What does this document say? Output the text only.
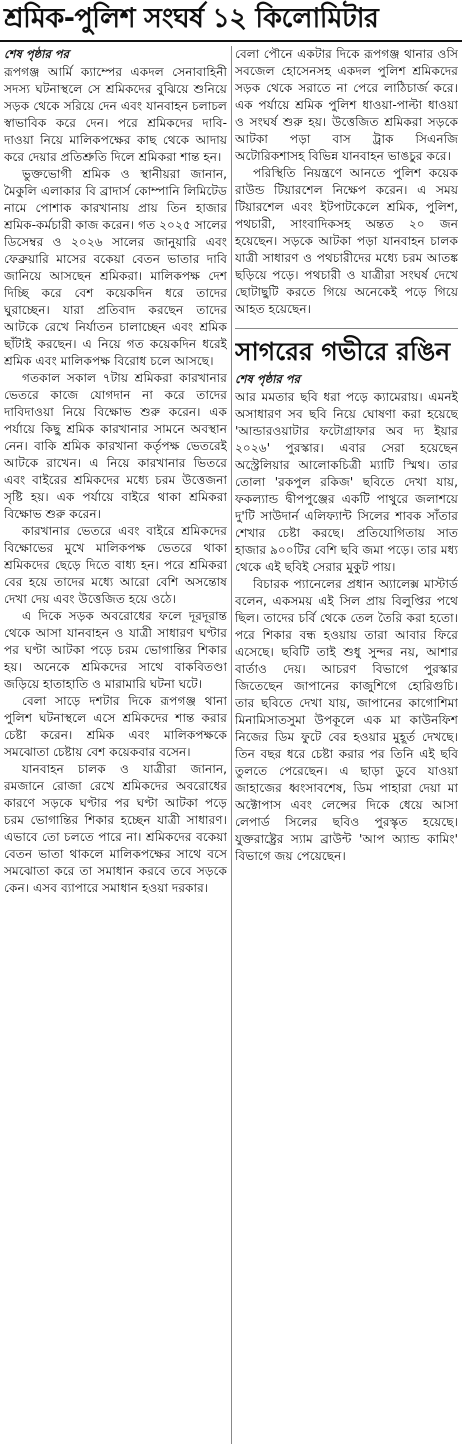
শ্রমিক-পুলিশ সংঘর্ষ ১২ কিলোমিটার
শেষ পৃষ্ঠার পর

রূপগঞ্জ আর্মি ক্যাম্পের একদল সেনাবাহিনী সদস্য ঘটনাস্থলে সে শ্রমিকদের বুঝিয়ে শুনিয়ে সড়ক থেকে সরিয়ে দেন এবং যানবাহন চলাচল স্বাভাবিক করে দেন। পরে শ্রমিকদের দাবি-দাওয়া নিয়ে মালিকপক্ষের কাছ থেকে আদায় করে দেয়ার প্রতিশ্রুতি দিলে শ্রমিকরা শান্ত হন।

ভুক্তভোগী শ্রমিক ও স্থানীয়রা জানান, মৈকুলি এলাকার বি ব্রাদার্স কোম্পানি লিমিটেড নামে পোশাক কারখানায় প্রায় তিন হাজার শ্রমিক-কর্মচারী কাজ করেন। গত ২০২৫ সালের ডিসেম্বর ও ২০২৬ সালের জানুয়ারি এবং ফেব্রুয়ারি মাসের বকেয়া বেতন ভাতার দাবি জানিয়ে আসছেন শ্রমিকরা। মালিকপক্ষ দেশ দিচ্ছি করে বেশ কয়েকদিন ধরে তাদের ঘুরাচ্ছেন। যারা প্রতিবাদ করছেন তাদের আটকে রেখে নির্যাতন চালাচ্ছেন এবং শ্রমিক ছাঁটাই করছেন। এ নিয়ে গত কয়েকদিন ধরেই শ্রমিক এবং মালিকপক্ষ বিরোধ চলে আসছে।

গতকাল সকাল ৭টায় শ্রমিকরা কারখানার ভেতরে কাজে যোগদান না করে তাদের দাবিদাওয়া নিয়ে বিক্ষোভ শুরু করেন। এক পর্যায়ে কিছু শ্রমিক কারখানার সামনে অবস্থান নেন। বাকি শ্রমিক কারখানা কর্তৃপক্ষ ভেতরেই আটকে রাখেন। এ নিয়ে কারখানার ভিতরে এবং বাইরের শ্রমিকদের মধ্যে চরম উত্তেজনা সৃষ্টি হয়। এক পর্যায়ে বাইরে থাকা শ্রমিকরা বিক্ষোভ শুরু করেন।

কারখানার ভেতরে এবং বাইরে শ্রমিকদের বিক্ষোভের মুখে মালিকপক্ষ ভেতরে থাকা শ্রমিকদের ছেড়ে দিতে বাধ্য হন। পরে শ্রমিকরা বের হয়ে তাদের মধ্যে আরো বেশি অসন্তোষ দেখা দেয় এবং উত্তেজিত হয়ে ওঠে।

এ দিকে সড়ক অবরোধের ফলে দূরদূরান্ত থেকে আসা যানবাহন ও যাত্রী সাধারণ ঘণ্টার পর ঘণ্টা আটকা পড়ে চরম ভোগান্তির শিকার হয়। অনেকে শ্রমিকদের সাথে বাকবিতণ্ডা জড়িয়ে হাতাহাতি ও মারামারি ঘটনা ঘটে।

বেলা সাড়ে দশটার দিকে রূপগঞ্জ থানা পুলিশ ঘটনাস্থলে এসে শ্রমিকদের শান্ত করার চেষ্টা করেন। শ্রমিক এবং মালিকপক্ষকে সমঝোতা চেষ্টায় বেশ কয়েকবার বসেন।

যানবাহন চালক ও যাত্রীরা জানান, রমজানে রোজা রেখে শ্রমিকদের অবরোধের কারণে সড়কে ঘণ্টার পর ঘণ্টা আটকা পড়ে চরম ভোগান্তির শিকার হচ্ছেন যাত্রী সাধারণ। এভাবে তো চলতে পারে না। শ্রমিকদের বকেয়া বেতন ভাতা থাকলে মালিকপক্ষের সাথে বসে সমঝোতা করে তা সমাধান করবে তবে সড়কে কেন। এসব ব্যাপারে সমাধান হওয়া দরকার।

বেলা পৌনে একটার দিকে রূপগঞ্জ থানার ওসি সবজেল হোসেনসহ একদল পুলিশ শ্রমিকদের সড়ক থেকে সরাতে না পেরে লাঠিচার্জ করে। এক পর্যায়ে শ্রমিক পুলিশ ধাওয়া-পাল্টা ধাওয়া ও সংঘর্ষ শুরু হয়। উত্তেজিত শ্রমিকরা সড়কে আটকা পড়া বাস ট্রাক সিএনজি অটোরিকশাসহ বিভিন্ন যানবাহন ভাঙচুর করে।

পরিস্থিতি নিয়ন্ত্রণে আনতে পুলিশ কয়েক রাউন্ড টিয়ারশেল নিক্ষেপ করেন। এ সময় টিয়ারশেল এবং ইটপাটকেলে শ্রমিক, পুলিশ, পথচারী, সাংবাদিকসহ অন্তত ২০ জন হয়েছেন। সড়কে আটকা পড়া যানবাহন চালক যাত্রী সাধারণ ও পথচারীদের মধ্যে চরম আতঙ্ক ছড়িয়ে পড়ে। পথচারী ও যাত্রীরা সংঘর্ষ দেখে ছোটাছুটি করতে গিয়ে অনেকেই পড়ে গিয়ে আহত হয়েছেন।

সাগরের গভীরে রঙিন
শেষ পৃষ্ঠার পর

আর মমতার ছবি ধরা পড়ে ক্যামেরায়। এমনই অসাধারণ সব ছবি নিয়ে ঘোষণা করা হয়েছে 'আন্ডারওয়াটার ফটোগ্রাফার অব দ্য ইয়ার ২০২৬' পুরস্কার। এবার সেরা হয়েছেন অস্ট্রেলিয়ার আলোকচিত্রী ম্যাটি স্মিথ। তার তোলা 'রকপুল রকিজ' ছবিতে দেখা যায়, ফকল্যান্ড দ্বীপপুঞ্জের একটি পাথুরে জলাশয়ে দু'টি সাউদার্ন এলিফ্যান্ট সিলের শাবক সাঁতার শেখার চেষ্টা করছে। প্রতিযোগিতায় সাত হাজার ৯০০টির বেশি ছবি জমা পড়ে। তার মধ্য থেকে এই ছবিই সেরার মুকুট পায়।

বিচারক প্যানেলের প্রধান অ্যালেক্স মাস্টার্ড বলেন, একসময় এই সিল প্রায় বিলুপ্তির পথে ছিল। তাদের চর্বি থেকে তেল তৈরি করা হতো। পরে শিকার বন্ধ হওয়ায় তারা আবার ফিরে এসেছে। ছবিটি তাই শুধু সুন্দর নয়, আশার বার্তাও দেয়। আচরণ বিভাগে পুরস্কার জিতেছেন জাপানের কাজুশিগে হোরিগুচি। তার ছবিতে দেখা যায়, জাপানের কাগোশিমা মিনামিসাতসুমা উপকূলে এক মা কাউনফিশ নিজের ডিম ফুটে বের হওয়ার মুহূর্ত দেখছে। তিন বছর ধরে চেষ্টা করার পর তিনি এই ছবি তুলতে পেরেছেন। এ ছাড়া ডুবে যাওয়া জাহাজের ধ্বংসাবশেষ, ডিম পাহারা দেয়া মা অক্টোপাস এবং লেন্সের দিকে ধেয়ে আসা লেপার্ড সিলের ছবিও পুরস্কৃত হয়েছে। যুক্তরাষ্ট্রের স্যাম ব্রাউন্ট 'আপ অ্যান্ড কামিং' বিভাগে জয় পেয়েছেন।
